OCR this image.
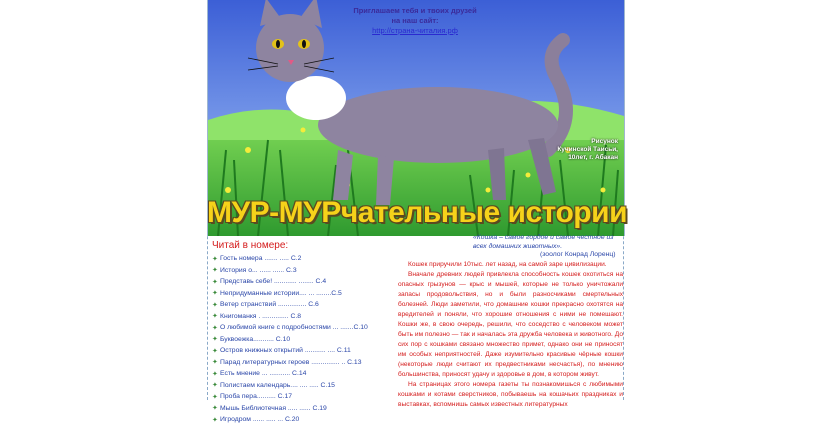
Приглашаем тебя и твоих друзей
на наш сайт:
http://страна-читалия.рф
Рисунок
Кучинской Таисьи,
10лет, г. Абакан
МУР-МУРчательные истории
Читай в номере:
✦
Гость номера ....... ..... С.2
✦
История о... ...... ...... С.3
✦
Представь себе! ............ ........ С.4
✦
Непридуманные истории.... ... ........С.5
✦
Ветер странствий ............... С.6
✦
Книгоманкя . .............. С.8
✦
О любимой книге с подробностями ... .......С.10
✦
Буквоежка........... С.10
✦
Остров книжных открытий ........... .... С.11
✦
Парад литературных героев ............... .. С.13
✦
Есть мнение ... ........... С.14
✦
Полистаем календарь.... .... ..... С.15
✦
Проба пера.......... С.17
✦
Мышь Библиотечная ..... ...... С.19
✦
Игродром ...... ..... ... С.20
«Кошка – самое гордое и самое честное из всех домашних животных».
(зоолог Конрад Лоренц)

Кошек приручили 10тыс. лет назад, на самой заре цивилизации.

Вначале древних людей привлекла способность кошек охотиться на опасных грызунов — крыс и мышей, которые не только уничтожали запасы продовольствия, но и были разносчиками смертельных болезней. Люди заметили, что домашние кошки прекрасно охотятся на вредителей и поняли, что хорошие отношения с ними не помешают. Кошки же, в свою очередь, решили, что соседство с человеком может быть им полезно — так и началась эта дружба человека и животного. До сих пор с кошками связано множество примет, однако они не приносят им особых неприятностей. Даже изумительно красивые чёрные кошки (некоторые люди считают их предвестниками несчастья), по мнению большинства, приносят удачу и здоровье в дом, в котором живут.

На страницах этого номера газеты ты познакомишься с любимыми кошками и котами сверстников, побываешь на кошачьих праздниках и выставках, вспомнишь самых известных литературных
